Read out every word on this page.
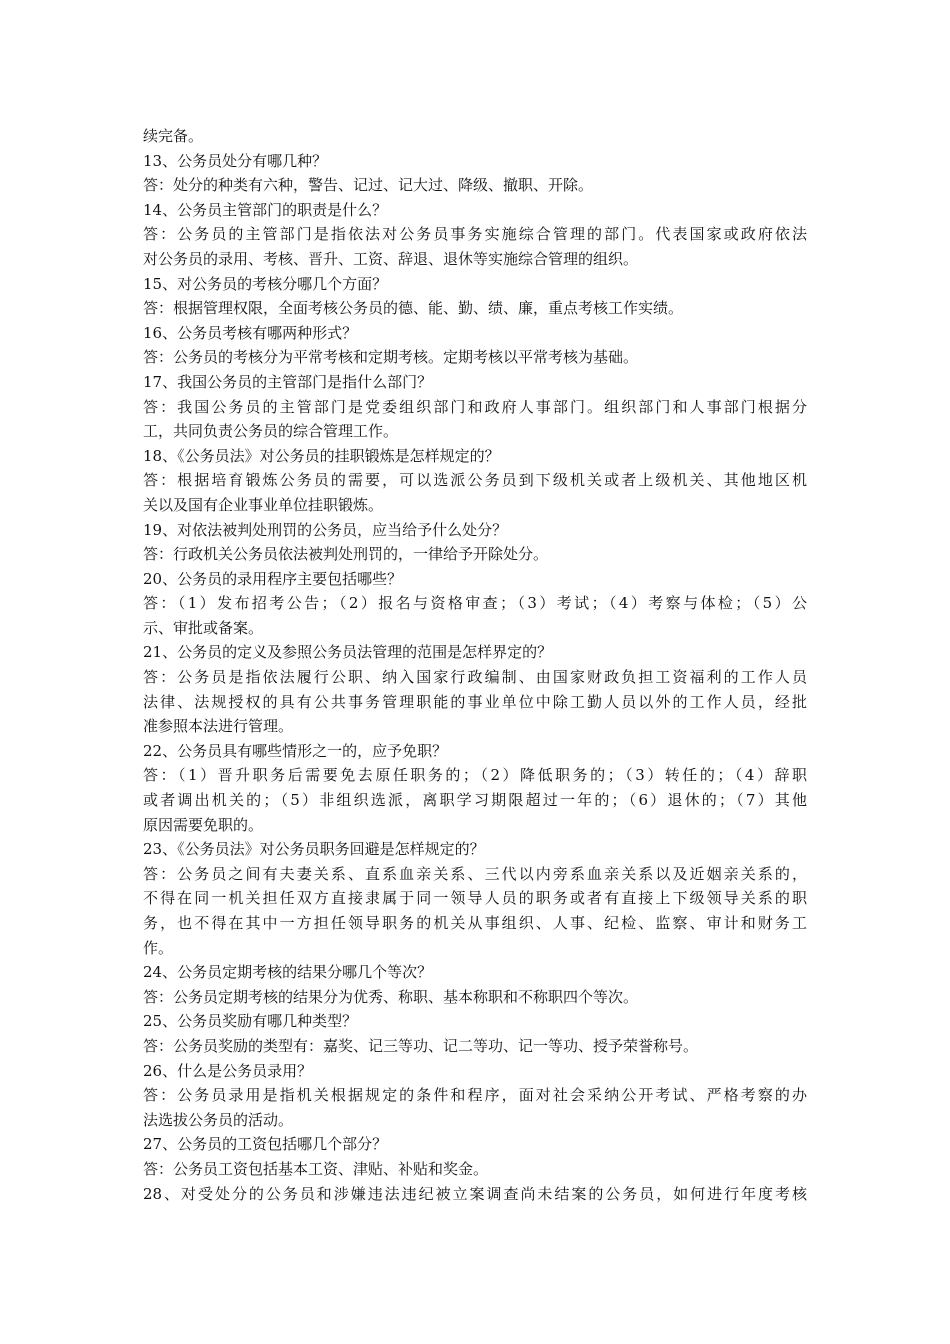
续完备。
13、公务员处分有哪几种？
答：处分的种类有六种，警告、记过、记大过、降级、撤职、开除。
14、公务员主管部门的职责是什么？
答：公务员的主管部门是指依法对公务员事务实施综合管理的部门。代表国家或政府依法
对公务员的录用、考核、晋升、工资、辞退、退休等实施综合管理的组织。
15、对公务员的考核分哪几个方面？
答：根据管理权限，全面考核公务员的德、能、勤、绩、廉，重点考核工作实绩。
16、公务员考核有哪两种形式？
答：公务员的考核分为平常考核和定期考核。定期考核以平常考核为基础。
17、我国公务员的主管部门是指什么部门？
答：我国公务员的主管部门是党委组织部门和政府人事部门。组织部门和人事部门根据分
工，共同负责公务员的综合管理工作。
18、《公务员法》对公务员的挂职锻炼是怎样规定的？
答：根据培育锻炼公务员的需要，可以选派公务员到下级机关或者上级机关、其他地区机
关以及国有企业事业单位挂职锻炼。
19、对依法被判处刑罚的公务员，应当给予什么处分？
答：行政机关公务员依法被判处刑罚的，一律给予开除处分。
20、公务员的录用程序主要包括哪些？
答：（1）发布招考公告；（2）报名与资格审查；（3）考试；（4）考察与体检；（5）公
示、审批或备案。
21、公务员的定义及参照公务员法管理的范围是怎样界定的？
答：公务员是指依法履行公职、纳入国家行政编制、由国家财政负担工资福利的工作人员
法律、法规授权的具有公共事务管理职能的事业单位中除工勤人员以外的工作人员，经批
准参照本法进行管理。
22、公务员具有哪些情形之一的，应予免职？
答：（1）晋升职务后需要免去原任职务的；（2）降低职务的；（3）转任的；（4）辞职
或者调出机关的；（5）非组织选派，离职学习期限超过一年的；（6）退休的；（7）其他
原因需要免职的。
23、《公务员法》对公务员职务回避是怎样规定的？
答：公务员之间有夫妻关系、直系血亲关系、三代以内旁系血亲关系以及近姻亲关系的，
不得在同一机关担任双方直接隶属于同一领导人员的职务或者有直接上下级领导关系的职
务，也不得在其中一方担任领导职务的机关从事组织、人事、纪检、监察、审计和财务工
作。
24、公务员定期考核的结果分哪几个等次？
答：公务员定期考核的结果分为优秀、称职、基本称职和不称职四个等次。
25、公务员奖励有哪几种类型？
答：公务员奖励的类型有：嘉奖、记三等功、记二等功、记一等功、授予荣誉称号。
26、什么是公务员录用？
答：公务员录用是指机关根据规定的条件和程序，面对社会采纳公开考试、严格考察的办
法选拔公务员的活动。
27、公务员的工资包括哪几个部分？
答：公务员工资包括基本工资、津贴、补贴和奖金。
28、对受处分的公务员和涉嫌违法违纪被立案调查尚未结案的公务员，如何进行年度考核
